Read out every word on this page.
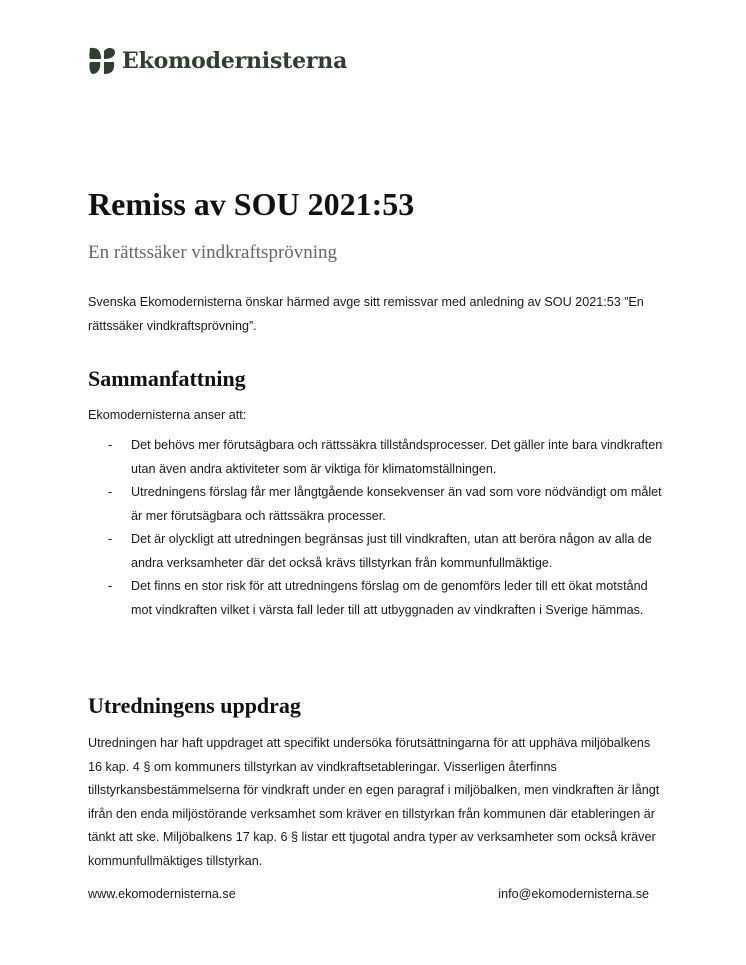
Ekomodernisterna
Remiss av SOU 2021:53

En rättssäker vindkraftsprövning

Svenska Ekomodernisterna önskar härmed avge sitt remissvar med anledning av SOU 2021:53 ”En rättssäker vindkraftsprövning”.

Sammanfattning

Ekomodernisterna anser att:

- Det behövs mer förutsägbara och rättssäkra tillståndsprocesser. Det gäller inte bara vindkraften utan även andra aktiviteter som är viktiga för klimatomställningen.
- Utredningens förslag får mer långtgående konsekvenser än vad som vore nödvändigt om målet är mer förutsägbara och rättssäkra processer.
- Det är olyckligt att utredningen begränsas just till vindkraften, utan att beröra någon av alla de andra verksamheter där det också krävs tillstyrkan från kommunfullmäktige.
- Det finns en stor risk för att utredningens förslag om de genomförs leder till ett ökat motstånd mot vindkraften vilket i värsta fall leder till att utbyggnaden av vindkraften i Sverige hämmas.
Utredningens uppdrag

Utredningen har haft uppdraget att specifikt undersöka förutsättningarna för att upphäva miljöbalkens 16 kap. 4 § om kommuners tillstyrkan av vindkraftsetableringar. Visserligen återfinns tillstyrkansbestämmelserna för vindkraft under en egen paragraf i miljöbalken, men vindkraften är långt ifrån den enda miljöstörande verksamhet som kräver en tillstyrkan från kommunen där etableringen är tänkt att ske. Miljöbalkens 17 kap. 6 § listar ett tjugotal andra typer av verksamheter som också kräver kommunfullmäktiges tillstyrkan.

www.ekomodernisterna.se	info@ekomodernisterna.se
